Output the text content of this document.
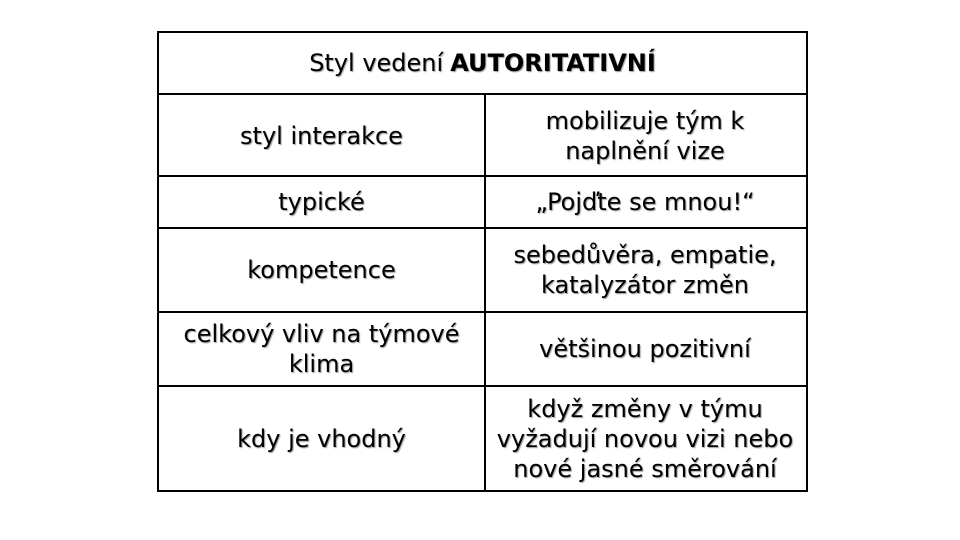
Styl vedení AUTORITATIVNÍ
styl interakce
mobilizuje tým k
naplnění vize
typické	„Pojďte se mnou!“
kompetence
sebedůvěra, empatie,
katalyzátor změn
celkový vliv na týmové
klima
většinou pozitivní
kdy je vhodný
když změny v týmu
vyžadují novou vizi nebo
nové jasné směrování
